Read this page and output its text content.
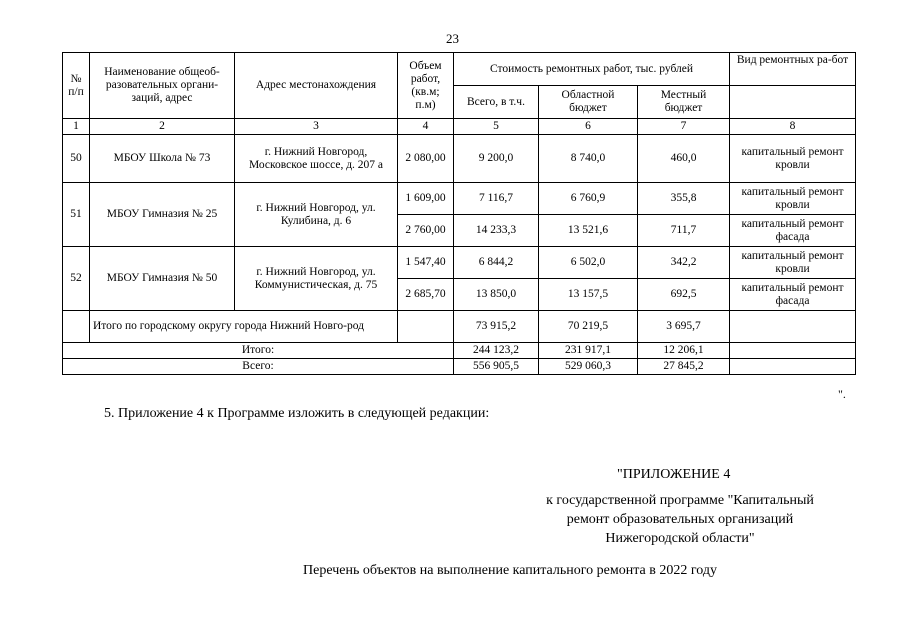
23
№ п/п	Наименование общеоб-разовательных органи-заций, адрес	Адрес местонахождения	Объем работ, (кв.м; п.м)	Стоимость ремонтных работ, тыс. рублей			Вид ремонтных ра-бот
				Всего, в т.ч.	Областной бюджет	Местный бюджет	
1	2	3	4	5	6	7	8
50	МБОУ Школа № 73	г. Нижний Новгород, Московское шоссе, д. 207 а	2 080,00	9 200,0	8 740,0	460,0	капитальный ремонт кровли
51	МБОУ Гимназия № 25	г. Нижний Новгород, ул. Кулибина, д. 6	1 609,00	7 116,7	6 760,9	355,8	капитальный ремонт кровли
			2 760,00	14 233,3	13 521,6	711,7	капитальный ремонт фасада
52	МБОУ Гимназия № 50	г. Нижний Новгород, ул. Коммунистическая, д. 75	1 547,40	6 844,2	6 502,0	342,2	капитальный ремонт кровли
			2 685,70	13 850,0	13 157,5	692,5	капитальный ремонт фасада
	Итого по городскому округу города Нижний Новго-род			73 915,2	70 219,5	3 695,7	
Итого:				244 123,2	231 917,1	12 206,1	
Всего:				556 905,5	529 060,3	27 845,2	
".
5. Приложение 4 к Программе изложить в следующей редакции:
"ПРИЛОЖЕНИЕ 4
к государственной программе "Капитальный
ремонт образовательных организаций
Нижегородской области"
Перечень объектов на выполнение капитального ремонта в 2022 году
